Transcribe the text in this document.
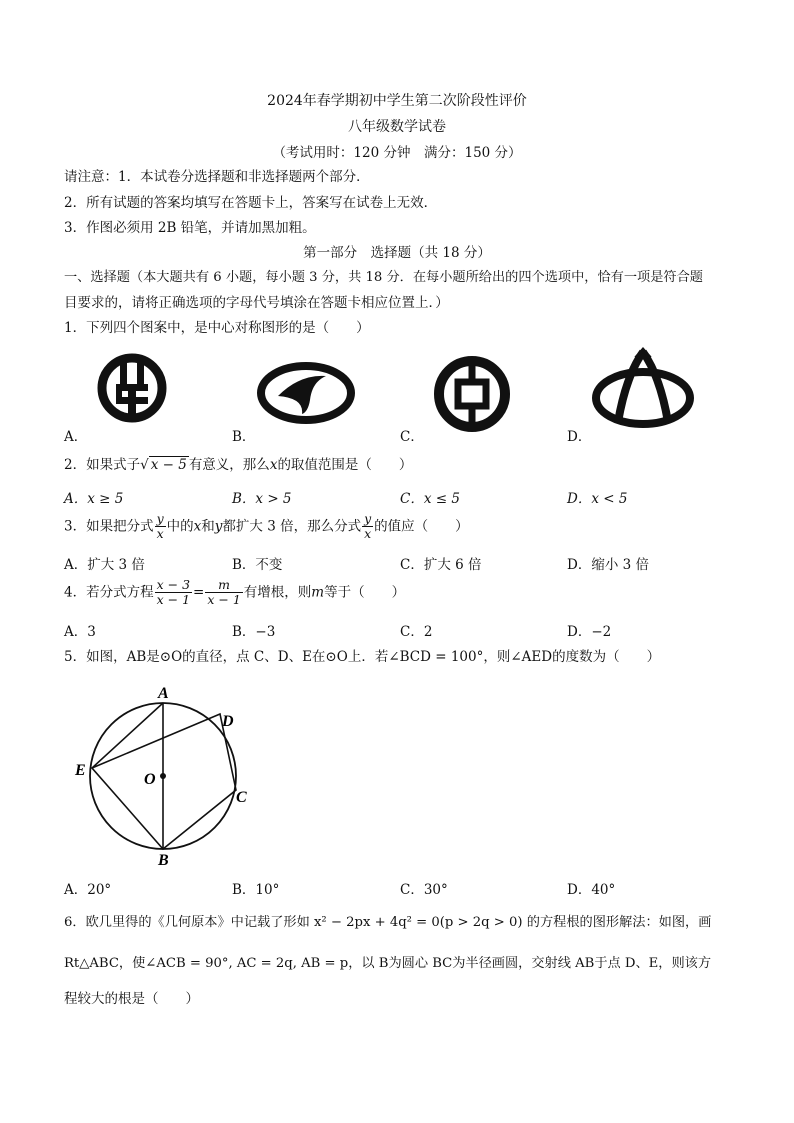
2024年春学期初中学生第二次阶段性评价
八年级数学试卷
（考试用时：120 分钟　满分：150 分）
请注意：1．本试卷分选择题和非选择题两个部分．
2．所有试题的答案均填写在答题卡上，答案写在试卷上无效．
3．作图必须用 2B 铅笔，并请加黑加粗。
第一部分　选择题（共 18 分）
一、选择题（本大题共有 6 小题，每小题 3 分，共 18 分．在每小题所给出的四个选项中，恰有一项是符合题
目要求的，请将正确选项的字母代号填涂在答题卡相应位置上．）
1．下列四个图案中，是中心对称图形的是（　　）
A．	B．	C．	D．
2．如果式子√ x − 5 有意义，那么x的取值范围是（　　）
A．x ≥ 5	B．x > 5	C．x ≤ 5	D．x < 5
3．如果把分式 $\frac{y}{x}$ 中的x和y都扩大 3 倍，那么分式 $\frac{y}{x}$ 的值应（　　）
A．扩大 3 倍	B．不变	C．扩大 6 倍	D．缩小 3 倍
4．若分式方程 $\frac{x - 3}{x - 1} = \frac{m}{x - 1}$ 有增根，则m等于（　　）
A．3	B．−3	C．2	D．−2
5．如图，AB是⊙O的直径，点 C、D、E在⊙O上．若∠BCD = 100°，则∠AED的度数为（　　）
A
B
C
D
E
O
A．20°	B．10°	C．30°	D．40°
6．欧几里得的《几何原本》中记载了形如 x² − 2px + 4q² = 0(p > 2q > 0) 的方程根的图形解法：如图，画
Rt△ABC，使∠ACB = 90°, AC = 2q, AB = p，以 B为圆心 BC为半径画圆，交射线 AB于点 D、E，则该方
程较大的根是（　　）
